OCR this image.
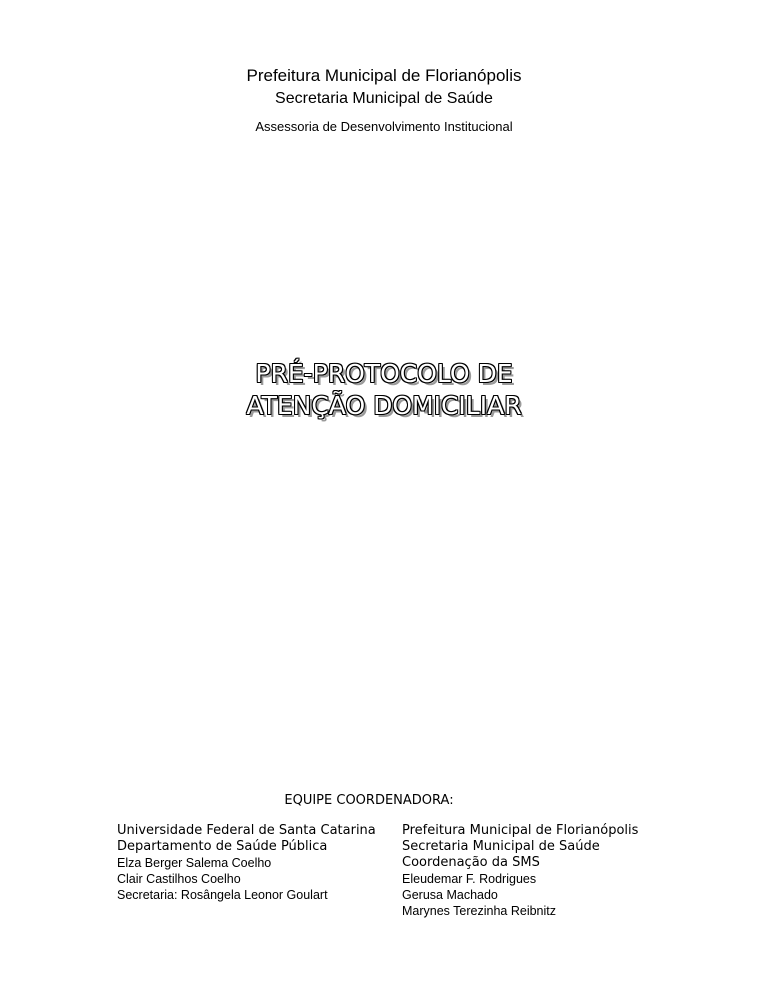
Prefeitura Municipal de Florianópolis
Secretaria Municipal de Saúde
Assessoria de Desenvolvimento Institucional
PRÉ-PROTOCOLO DE
ATENÇÃO DOMICILIAR
EQUIPE COORDENADORA:
Universidade Federal de Santa Catarina
Departamento de Saúde Pública
Elza Berger Salema Coelho
Clair Castilhos Coelho
Secretaria: Rosângela Leonor Goulart
Prefeitura Municipal de Florianópolis
Secretaria Municipal de Saúde
Coordenação da SMS
Eleudemar F. Rodrigues
Gerusa Machado
Marynes Terezinha Reibnitz
